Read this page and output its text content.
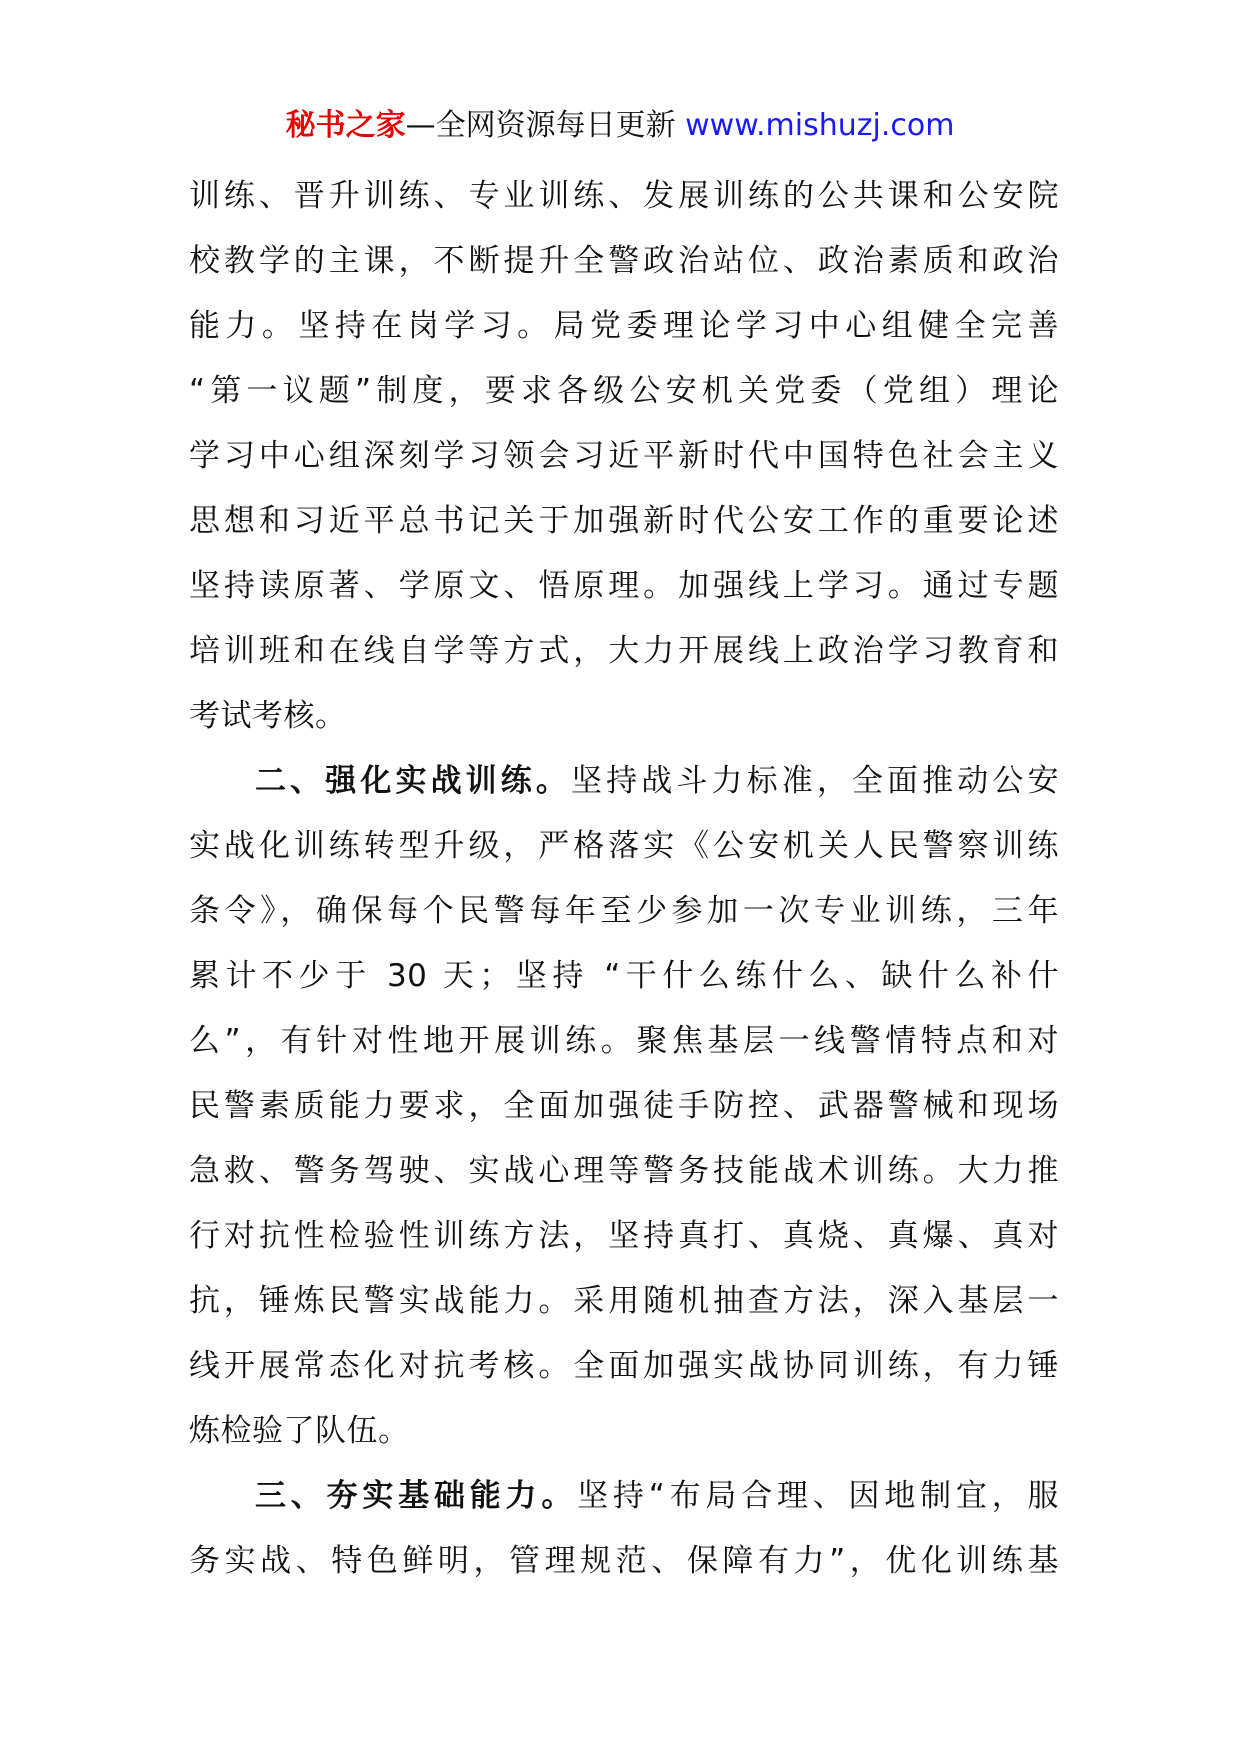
秘书之家—全网资源每日更新 www.mishuzj.com
训练、晋升训练、专业训练、发展训练的公共课和公安院
校教学的主课，不断提升全警政治站位、政治素质和政治
能力。坚持在岗学习。局党委理论学习中心组健全完善
“第一议题”制度，要求各级公安机关党委（党组）理论
学习中心组深刻学习领会习近平新时代中国特色社会主义
思想和习近平总书记关于加强新时代公安工作的重要论述
坚持读原著、学原文、悟原理。加强线上学习。通过专题
培训班和在线自学等方式，大力开展线上政治学习教育和
考试考核。
二、强化实战训练。坚持战斗力标准，全面推动公安
实战化训练转型升级，严格落实《公安机关人民警察训练
条令》，确保每个民警每年至少参加一次专业训练，三年
累计不少于 30 天；坚持 “干什么练什么、缺什么补什
么”，有针对性地开展训练。聚焦基层一线警情特点和对
民警素质能力要求，全面加强徒手防控、武器警械和现场
急救、警务驾驶、实战心理等警务技能战术训练。大力推
行对抗性检验性训练方法，坚持真打、真烧、真爆、真对
抗，锤炼民警实战能力。采用随机抽查方法，深入基层一
线开展常态化对抗考核。全面加强实战协同训练，有力锤
炼检验了队伍。
三、夯实基础能力。坚持“布局合理、因地制宜，服
务实战、特色鲜明，管理规范、保障有力”，优化训练基
